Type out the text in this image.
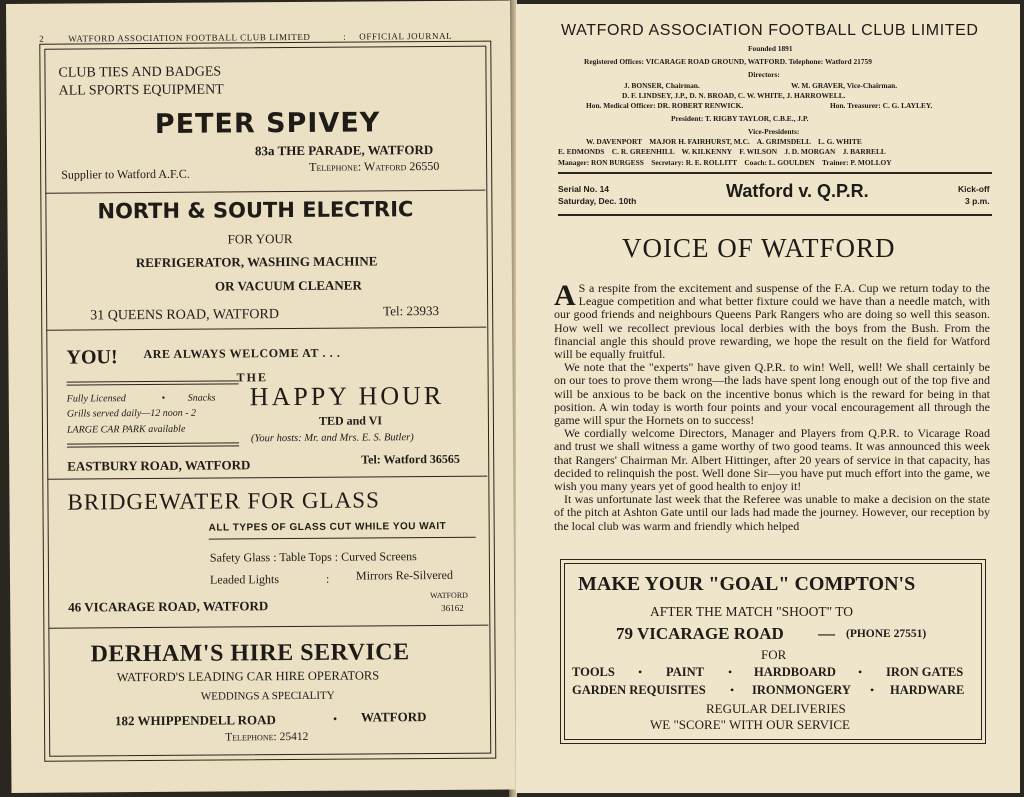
2	WATFORD ASSOCIATION FOOTBALL CLUB LIMITED	: OFFICIAL JOURNAL
CLUB TIES AND BADGES
ALL SPORTS EQUIPMENT
PETER SPIVEY
83a THE PARADE, WATFORD
Supplier to Watford A.F.C.
Telephone: Watford 26550
NORTH & SOUTH ELECTRIC
FOR YOUR
REFRIGERATOR, WASHING MACHINE
OR VACUUM CLEANER
31 QUEENS ROAD, WATFORD	Tel: 23933
YOU! ARE ALWAYS WELCOME AT . . .
THE
HAPPY HOUR
TED and VI
(Your hosts: Mr. and Mrs. E. S. Butler)
Fully Licensed	• Snacks
Grills served daily—12 noon - 2
LARGE CAR PARK available
EASTBURY ROAD, WATFORD	Tel: Watford 36565
BRIDGEWATER FOR GLASS
ALL TYPES OF GLASS CUT WHILE YOU WAIT
Safety Glass : Table Tops : Curved Screens
Leaded Lights	: Mirrors Re-Silvered
46 VICARAGE ROAD, WATFORD
WATFORD
36162
DERHAM'S HIRE SERVICE
WATFORD'S LEADING CAR HIRE OPERATORS
WEDDINGS A SPECIALITY
182 WHIPPENDELL ROAD	• WATFORD
Telephone: 25412
WATFORD ASSOCIATION FOOTBALL CLUB LIMITED
Founded 1891
Registered Offices: VICARAGE ROAD GROUND, WATFORD. Telephone: Watford 21759
Directors:
J. BONSER, Chairman.	W. M. GRAVER, Vice-Chairman.
D. F. LINDSEY, J.P., D. N. BROAD, C. W. WHITE, J. HARROWELL.
Hon. Medical Officer: DR. ROBERT RENWICK.	Hon. Treasurer: C. G. LAYLEY.
President: T. RIGBY TAYLOR, C.B.E., J.P.
Vice-Presidents:
W. DAVENPORT    MAJOR H. FAIRHURST, M.C.    A. GRIMSDELL    L. G. WHITE
E. EDMONDS    C. R. GREENHILL    W. KILKENNY    F. WILSON    J. D. MORGAN    J. BARRELL
Manager: RON BURGESS    Secretary: R. E. ROLLITT    Coach: L. GOULDEN    Trainer: P. MOLLOY
Serial No. 14
Saturday, Dec. 10th	Watford v. Q.P.R.	Kick-off
3 p.m.
VOICE OF WATFORD

A S a respite from the excitement and suspense of the F.A. Cup we return today to the League competition and what better fixture could we have than a needle match, with our good friends and neighbours Queens Park Rangers who are doing so well this season. How well we recollect previous local derbies with the boys from the Bush. From the financial angle this should prove rewarding, we hope the result on the field for Watford will be equally fruitful.

We note that the "experts" have given Q.P.R. to win! Well, well! We shall certainly be on our toes to prove them wrong—the lads have spent long enough out of the top five and will be anxious to be back on the incentive bonus which is the reward for being in that position. A win today is worth four points and your vocal encouragement all through the game will spur the Hornets on to success!

We cordially welcome Directors, Manager and Players from Q.P.R. to Vicarage Road and trust we shall witness a game worthy of two good teams. It was announced this week that Rangers' Chairman Mr. Albert Hittinger, after 20 years of service in that capacity, has decided to relinquish the post. Well done Sir—you have put much effort into the game, we wish you many years yet of good health to enjoy it!

It was unfortunate last week that the Referee was unable to make a decision on the state of the pitch at Ashton Gate until our lads had made the journey. However, our reception by the local club was warm and friendly which helped

MAKE YOUR "GOAL" COMPTON'S
AFTER THE MATCH "SHOOT" TO
79 VICARAGE ROAD — (PHONE 27551)
FOR
TOOLS • PAINT • HARDBOARD • IRON GATES
GARDEN REQUISITES • IRONMONGERY • HARDWARE
REGULAR DELIVERIES
WE "SCORE" WITH OUR SERVICE
